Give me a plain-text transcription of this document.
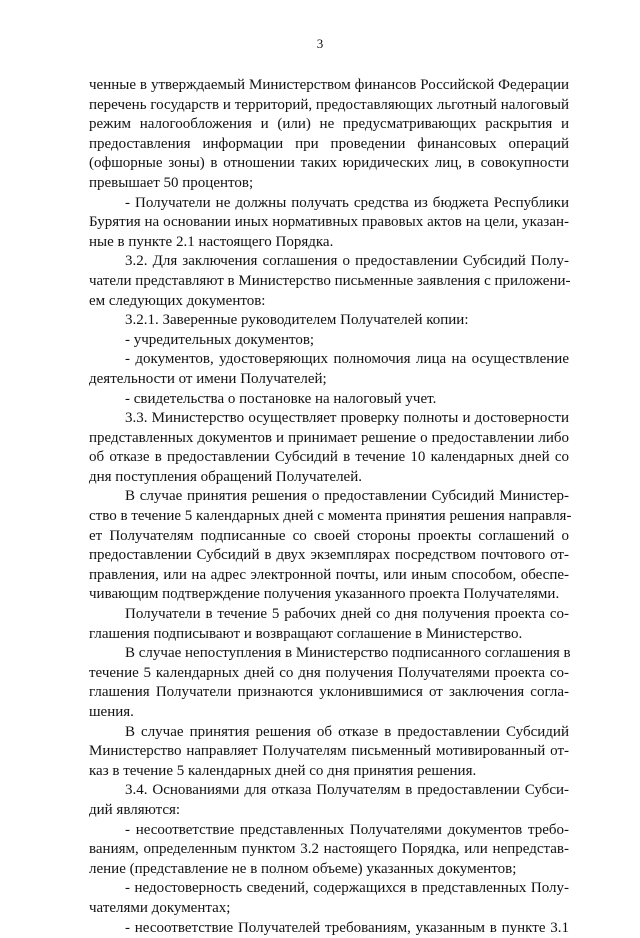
3
ченные в утверждаемый Министерством финансов Российской Федерации
перечень государств и территорий, предоставляющих льготный налоговый
режим налогообложения и (или) не предусматривающих раскрытия и
предоставления информации при проведении финансовых операций
(офшорные зоны) в отношении таких юридических лиц, в совокупности
превышает 50 процентов;
- Получатели не должны получать средства из бюджета Республики
Бурятия на основании иных нормативных правовых актов на цели, указан-
ные в пункте 2.1 настоящего Порядка.
3.2. Для заключения соглашения о предоставлении Субсидий Полу-
чатели представляют в Министерство письменные заявления с приложени-
ем следующих документов:
3.2.1. Заверенные руководителем Получателей копии:
- учредительных документов;
- документов, удостоверяющих полномочия лица на осуществление
деятельности от имени Получателей;
- свидетельства о постановке на налоговый учет.
3.3. Министерство осуществляет проверку полноты и достоверности
представленных документов и принимает решение о предоставлении либо
об отказе в предоставлении Субсидий в течение 10 календарных дней со
дня поступления обращений Получателей.
В случае принятия решения о предоставлении Субсидий Министер-
ство в течение 5 календарных дней с момента принятия решения направля-
ет Получателям подписанные со своей стороны проекты соглашений о
предоставлении Субсидий в двух экземплярах посредством почтового от-
правления, или на адрес электронной почты, или иным способом, обеспе-
чивающим подтверждение получения указанного проекта Получателями.
Получатели в течение 5 рабочих дней со дня получения проекта со-
глашения подписывают и возвращают соглашение в Министерство.
В случае непоступления в Министерство подписанного соглашения в
течение 5 календарных дней со дня получения Получателями проекта со-
глашения Получатели признаются уклонившимися от заключения согла-
шения.
В случае принятия решения об отказе в предоставлении Субсидий
Министерство направляет Получателям письменный мотивированный от-
каз в течение 5 календарных дней со дня принятия решения.
3.4. Основаниями для отказа Получателям в предоставлении Субси-
дий являются:
- несоответствие представленных Получателями документов требо-
ваниям, определенным пунктом 3.2 настоящего Порядка, или непредстав-
ление (представление не в полном объеме) указанных документов;
- недостоверность сведений, содержащихся в представленных Полу-
чателями документах;
- несоответствие Получателей требованиям, указанным в пункте 3.1
